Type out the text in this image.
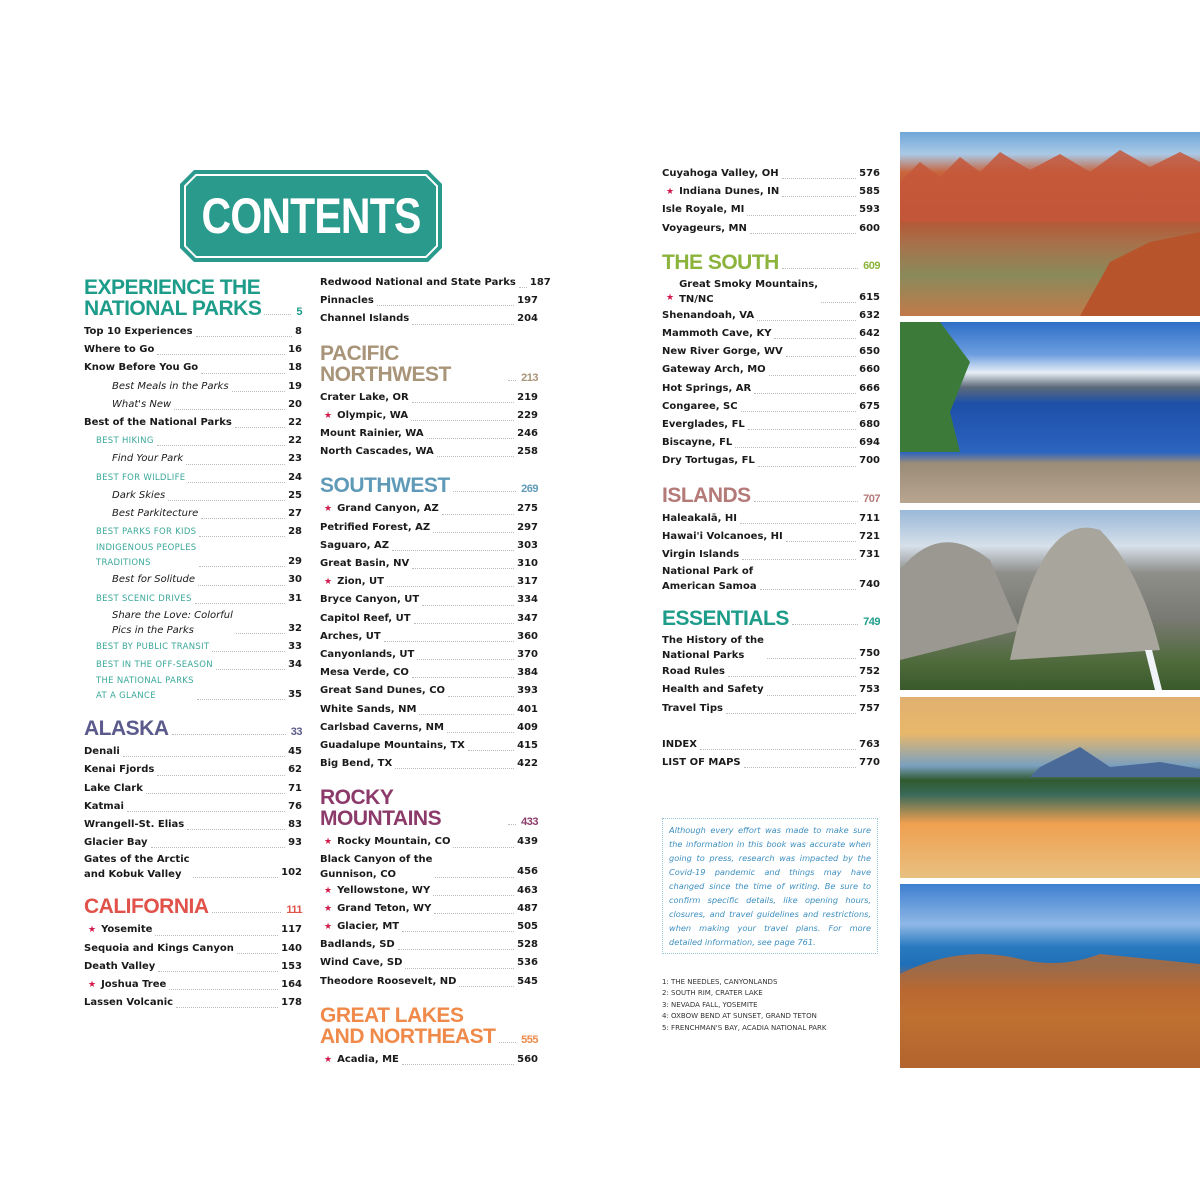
CONTENTS
EXPERIENCE THE
NATIONAL PARKS	5
Top 10 Experiences	8
Where to Go	16
Know Before You Go	18
Best Meals in the Parks	19
What's New	20
Best of the National Parks	22
BEST HIKING	22
Find Your Park	23
BEST FOR WILDLIFE	24
Dark Skies	25
Best Parkitecture	27
BEST PARKS FOR KIDS	28
INDIGENOUS PEOPLES
TRADITIONS	29
Best for Solitude	30
BEST SCENIC DRIVES	31
Share the Love: Colorful
Pics in the Parks	32
BEST BY PUBLIC TRANSIT	33
BEST IN THE OFF-SEASON	34
THE NATIONAL PARKS
AT A GLANCE	35
ALASKA	33
Denali	45
Kenai Fjords	62
Lake Clark	71
Katmai	76
Wrangell-St. Elias	83
Glacier Bay	93
Gates of the Arctic
and Kobuk Valley	102
CALIFORNIA	111
★ Yosemite	117
Sequoia and Kings Canyon	140
Death Valley	153
★ Joshua Tree	164
Lassen Volcanic	178
Redwood National and State Parks 187
Pinnacles	197
Channel Islands	204
PACIFIC NORTHWEST	213
Crater Lake, OR	219
★ Olympic, WA	229
Mount Rainier, WA	246
North Cascades, WA	258
SOUTHWEST	269
★ Grand Canyon, AZ	275
Petrified Forest, AZ	297
Saguaro, AZ	303
Great Basin, NV	310
★ Zion, UT	317
Bryce Canyon, UT	334
Capitol Reef, UT	347
Arches, UT	360
Canyonlands, UT	370
Mesa Verde, CO	384
Great Sand Dunes, CO	393
White Sands, NM	401
Carlsbad Caverns, NM	409
Guadalupe Mountains, TX	415
Big Bend, TX	422
ROCKY MOUNTAINS	433
★ Rocky Mountain, CO	439
Black Canyon of the
Gunnison, CO	456
★ Yellowstone, WY	463
★ Grand Teton, WY	487
★ Glacier, MT	505
Badlands, SD	528
Wind Cave, SD	536
Theodore Roosevelt, ND	545
GREAT LAKES
AND NORTHEAST 555
★ Acadia, ME	560
Cuyahoga Valley, OH	576
★ Indiana Dunes, IN	585
Isle Royale, MI	593
Voyageurs, MN	600
THE SOUTH	609
★
Great Smoky Mountains,
TN/NC	615
Shenandoah, VA	632
Mammoth Cave, KY	642
New River Gorge, WV	650
Gateway Arch, MO	660
Hot Springs, AR	666
Congaree, SC	675
Everglades, FL	680
Biscayne, FL	694
Dry Tortugas, FL	700
ISLANDS	707
Haleakalā, HI	711
Hawai'i Volcanoes, HI	721
Virgin Islands	731
National Park of
American Samoa	740
ESSENTIALS	749
The History of the
National Parks	750
Road Rules	752
Health and Safety	753
Travel Tips	757
INDEX	763
LIST OF MAPS	770
Although every effort was made to make sure the information in this book was accurate when going to press, research was impacted by the Covid-19 pandemic and things may have changed since the time of writing. Be sure to confirm specific details, like opening hours, closures, and travel guidelines and restrictions, when making your travel plans. For more detailed information, see page 761.
1: THE NEEDLES, CANYONLANDS
2: SOUTH RIM, CRATER LAKE
3: NEVADA FALL, YOSEMITE
4: OXBOW BEND AT SUNSET, GRAND TETON
5: FRENCHMAN'S BAY, ACADIA NATIONAL PARK
